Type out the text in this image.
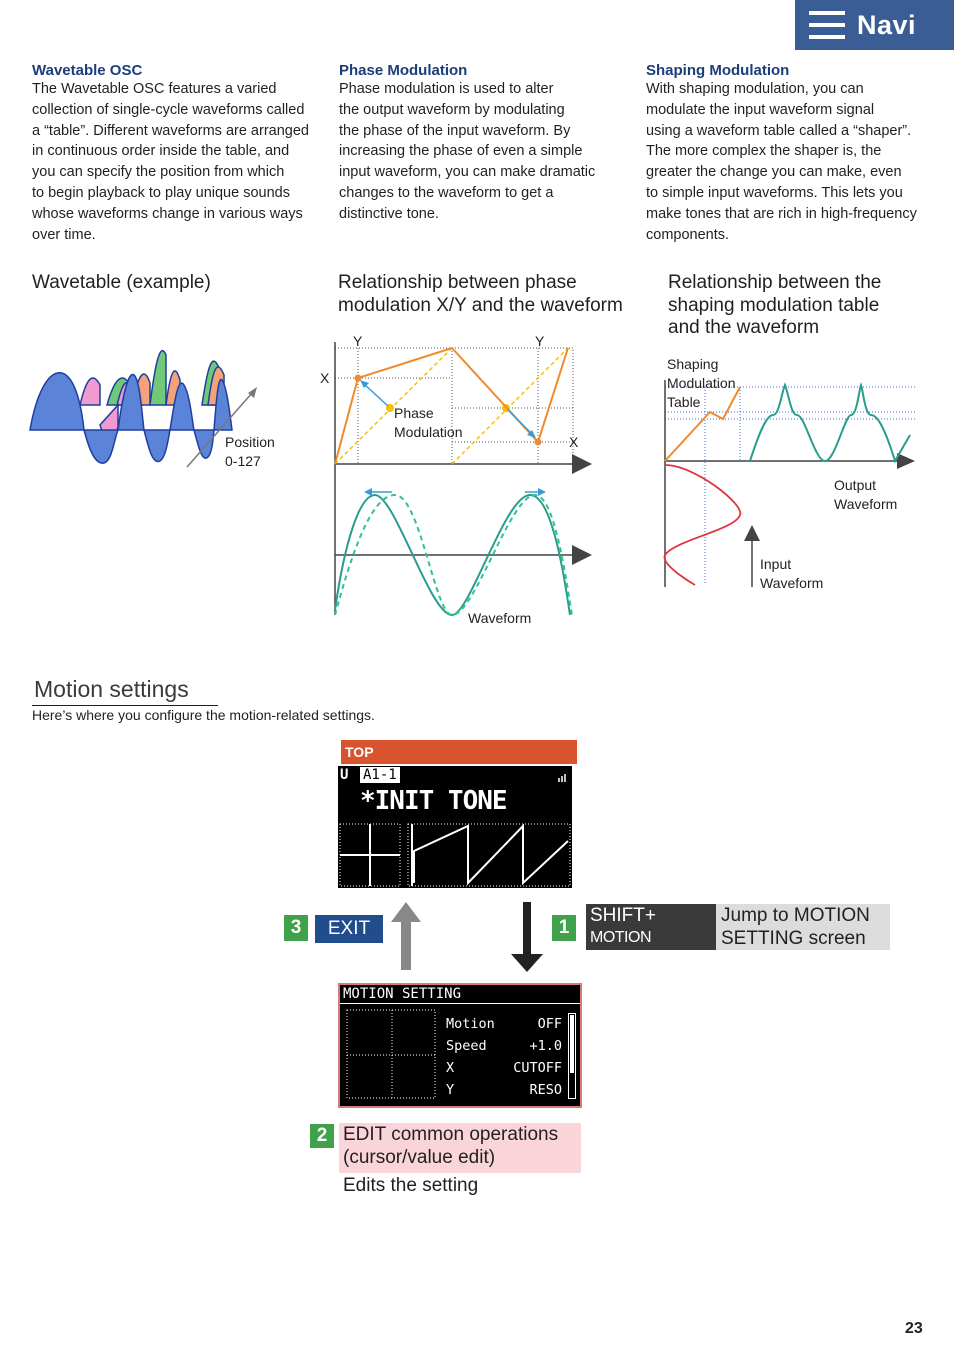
Navi
Wavetable OSC
The Wavetable OSC features a varied
collection of single-cycle waveforms called
a “table”. Different waveforms are arranged
in continuous order inside the table, and
you can specify the position from which
to begin playback to play unique sounds
whose waveforms change in various ways
over time.
Phase Modulation
Phase modulation is used to alter
the output waveform by modulating
the phase of the input waveform. By
increasing the phase of even a simple
input waveform, you can make dramatic
changes to the waveform to get a
distinctive tone.
Shaping Modulation
With shaping modulation, you can
modulate the input waveform signal
using a waveform table called a “shaper”.
The more complex the shaper is, the
greater the change you can make, even
to simple input waveforms. This lets you
make tones that are rich in high-frequency
components.
Wavetable (example)	Relationship between phase
modulation X/Y and the waveform
Relationship between the
shaping modulation table
and the waveform
Position
0-127
Y	Y
X
X
Phase
Modulation
Waveform
Shaping
Modulation
Table
Output
Waveform
Input
Waveform
Motion settings
Here’s where you configure the motion-related settings.
TOP
U A1-1
*INIT TONE
3	EXIT	1
SHIFT+
MOTION ON/OFF
Jump to MOTION
SETTING screen
MOTION SETTING
Motion	OFF
Speed	+1.0
X	CUTOFF
Y	RESO
2 EDIT common operations
(cursor/value edit)
Edits the setting
23
